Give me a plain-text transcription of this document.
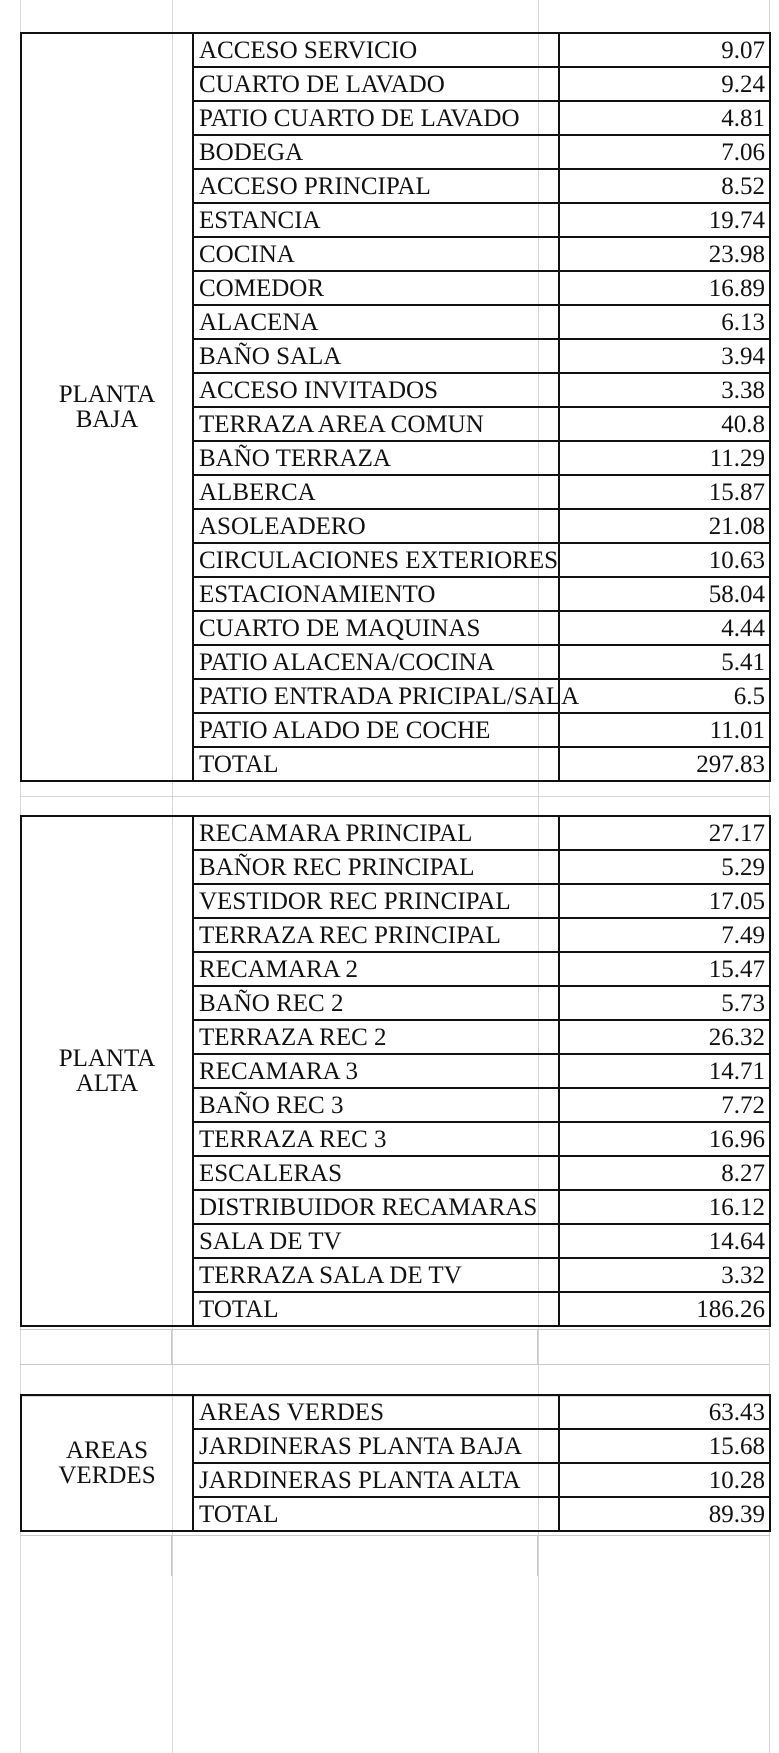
PLANTA
BAJA	ACCESO SERVICIO	9.07
	CUARTO DE LAVADO	9.24
	PATIO CUARTO DE LAVADO	4.81
	BODEGA	7.06
	ACCESO PRINCIPAL	8.52
	ESTANCIA	19.74
	COCINA	23.98
	COMEDOR	16.89
	ALACENA	6.13
	BAÑO SALA	3.94
	ACCESO INVITADOS	3.38
	TERRAZA AREA COMUN	40.8
	BAÑO TERRAZA	11.29
	ALBERCA	15.87
	ASOLEADERO	21.08
	CIRCULACIONES EXTERIORES	10.63
	ESTACIONAMIENTO	58.04
	CUARTO DE MAQUINAS	4.44
	PATIO ALACENA/COCINA	5.41
	PATIO ENTRADA PRICIPAL/SALA	6.5
	PATIO ALADO DE COCHE	11.01
	TOTAL	297.83
PLANTA
ALTA	RECAMARA PRINCIPAL	27.17
	BAÑOR REC PRINCIPAL	5.29
	VESTIDOR REC PRINCIPAL	17.05
	TERRAZA REC PRINCIPAL	7.49
	RECAMARA 2	15.47
	BAÑO REC 2	5.73
	TERRAZA REC 2	26.32
	RECAMARA 3	14.71
	BAÑO REC 3	7.72
	TERRAZA REC 3	16.96
	ESCALERAS	8.27
	DISTRIBUIDOR RECAMARAS	16.12
	SALA DE TV	14.64
	TERRAZA SALA DE TV	3.32
	TOTAL	186.26
AREAS
VERDES	AREAS VERDES	63.43
	JARDINERAS PLANTA BAJA	15.68
	JARDINERAS PLANTA ALTA	10.28
	TOTAL	89.39
